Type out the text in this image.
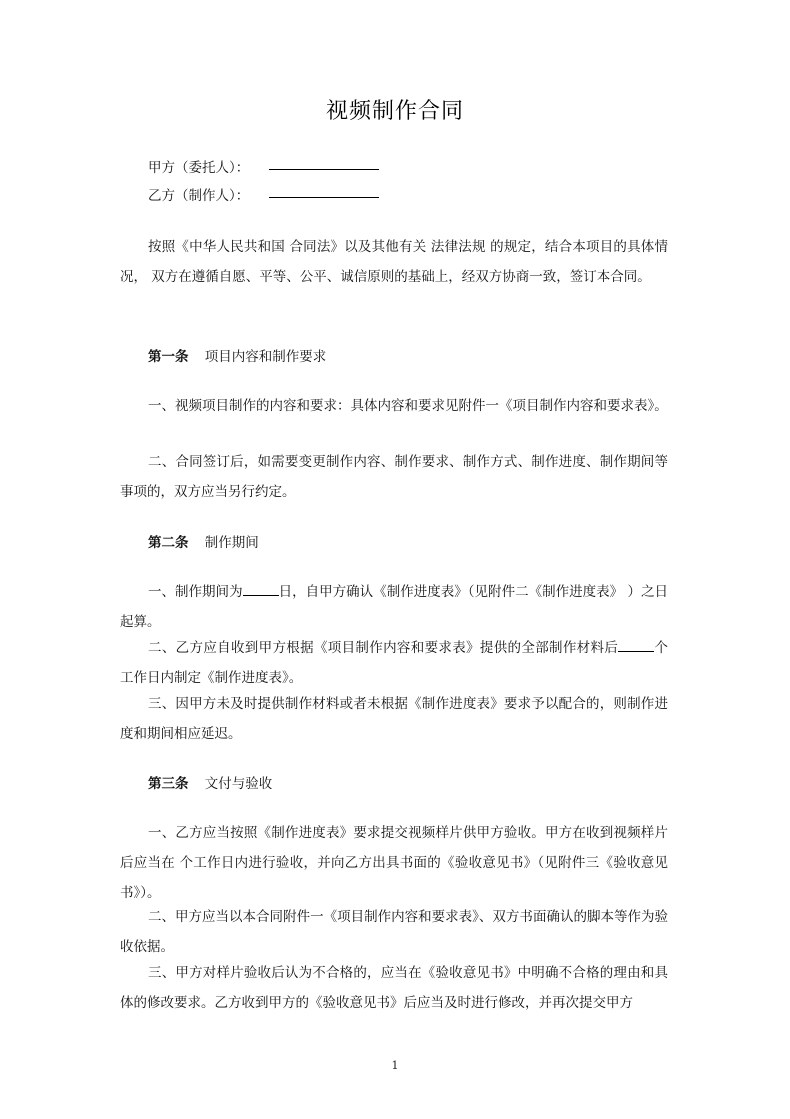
视频制作合同
甲方（委托人）：
乙方（制作人）：

按照《中华人民共和国 合同法》以及其他有关 法律法规 的规定，结合本项目的具体情况， 双方在遵循自愿、平等、公平、诚信原则的基础上，经双方协商一致，签订本合同。

第一条 项目内容和制作要求

一、视频项目制作的内容和要求：具体内容和要求见附件一《项目制作内容和要求表》。

二、合同签订后，如需要变更制作内容、制作要求、制作方式、制作进度、制作期间等事项的，双方应当另行约定。

第二条 制作期间

一、制作期间为	日，自甲方确认《制作进度表》（见附件二《制作进度表》 ）之日起算。

二、乙方应自收到甲方根据《项目制作内容和要求表》提供的全部制作材料后	个工作日内制定《制作进度表》。

三、因甲方未及时提供制作材料或者未根据《制作进度表》要求予以配合的，则制作进度和期间相应延迟。

第三条 文付与验收

一、乙方应当按照《制作进度表》要求提交视频样片供甲方验收。甲方在收到视频样片后应当在 个工作日内进行验收，并向乙方出具书面的《验收意见书》（见附件三《验收意见书》）。

二、甲方应当以本合同附件一《项目制作内容和要求表》、双方书面确认的脚本等作为验收依据。

三、甲方对样片验收后认为不合格的，应当在《验收意见书》中明确不合格的理由和具体的修改要求。乙方收到甲方的《验收意见书》后应当及时进行修改，并再次提交甲方

1
